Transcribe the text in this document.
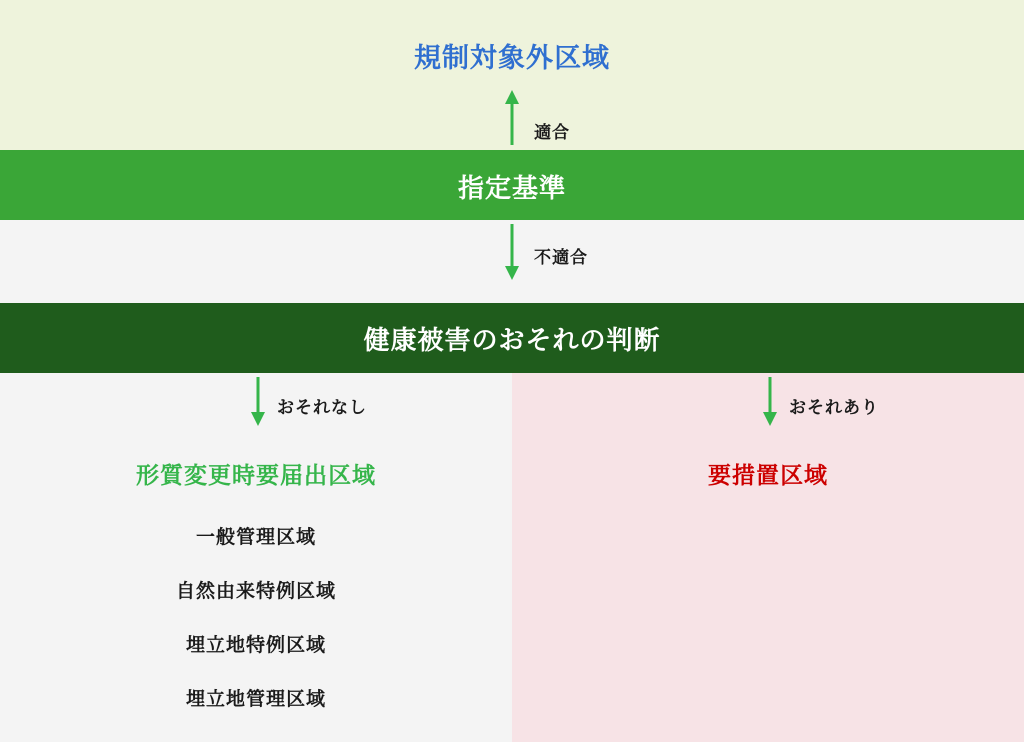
規制対象外区域
適合
指定基準
不適合
健康被害のおそれの判断
形質変更時要届出区域
一般管理区域
自然由来特例区域
埋立地特例区域
埋立地管理区域
要措置区域
おそれなし	おそれあり
